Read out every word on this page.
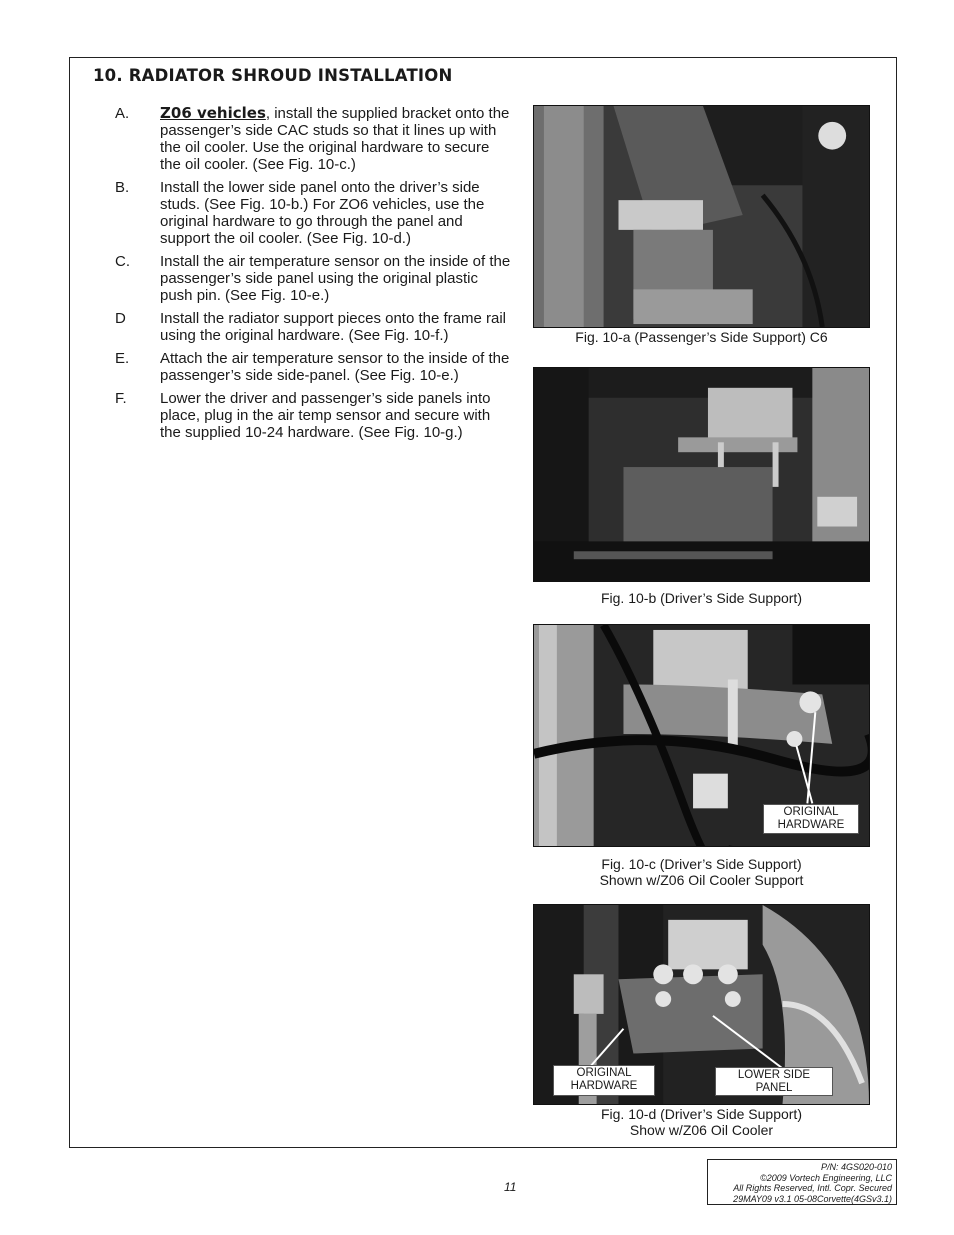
10. RADIATOR SHROUD INSTALLATION
A.	Z06 vehicles, install the supplied bracket onto the passenger’s side CAC studs so that it lines up with the oil cooler. Use the original hardware to secure the oil cooler. (See Fig. 10-c.)
B.	Install the lower side panel onto the driver’s side studs. (See Fig. 10-b.) For ZO6 vehicles, use the original hardware to go through the panel and support the oil cooler. (See Fig. 10-d.)
C.	Install the air temperature sensor on the inside of the passenger’s side panel using the original plastic push pin. (See Fig. 10-e.)
D	Install the radiator support pieces onto the frame rail using the original hardware. (See Fig. 10-f.)
E.	Attach the air temperature sensor to the inside of the passenger’s side side-panel. (See Fig. 10-e.)
F.	Lower the driver and passenger’s side panels into place, plug in the air temp sensor and secure with the supplied 10-24 hardware. (See Fig. 10-g.)
Fig. 10-a (Passenger’s Side Support) C6
Fig. 10-b (Driver’s Side Support)
ORIGINAL
HARDWARE
Fig. 10-c (Driver’s Side Support)
Shown w/Z06 Oil Cooler Support
ORIGINAL
HARDWARE
LOWER SIDE
PANEL
Fig. 10-d (Driver’s Side Support)
Show w/Z06 Oil Cooler
11
P/N: 4GS020-010
©2009 Vortech Engineering, LLC
All Rights Reserved, Intl. Copr. Secured
29MAY09 v3.1 05-08Corvette(4GSv3.1)
